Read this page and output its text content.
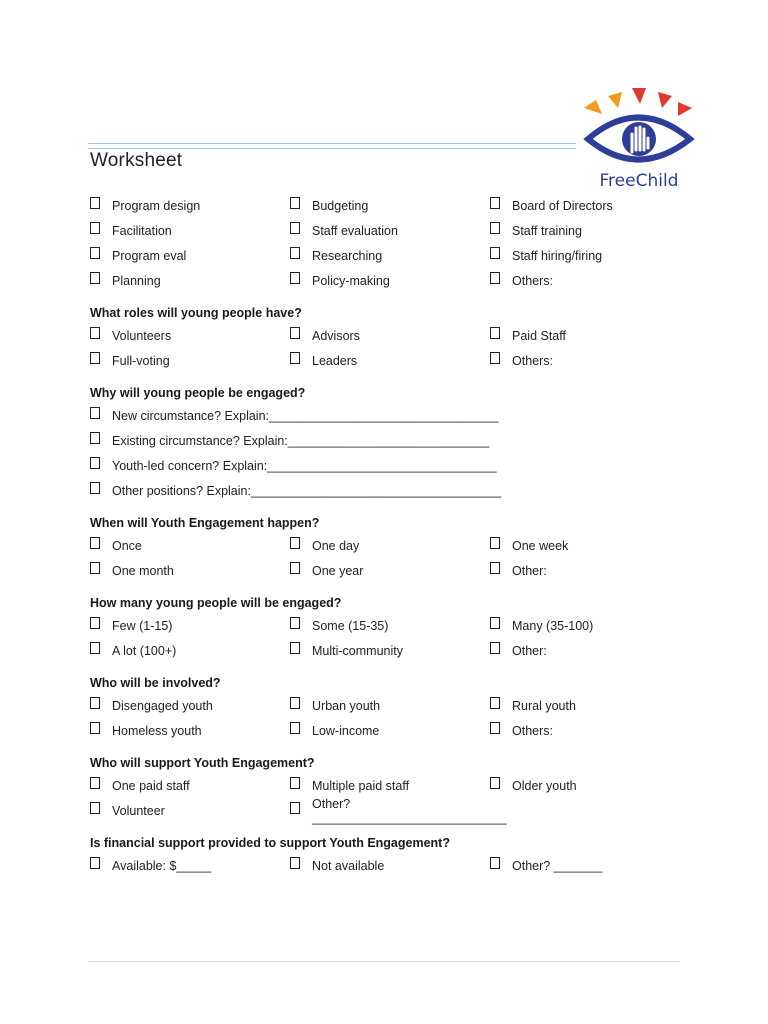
FreeChild
Worksheet
Program design	Budgeting	Board of Directors
Facilitation	Staff evaluation	Staff training
Program eval	Researching	Staff hiring/firing
Planning	Policy-making	Others:
What roles will young people have?
Volunteers	Advisors	Paid Staff
Full-voting	Leaders	Others:
Why will young people be engaged?
New circumstance? Explain:_________________________________
Existing circumstance? Explain:_____________________________
Youth-led concern? Explain:_________________________________
Other positions? Explain:____________________________________
When will Youth Engagement happen?
Once	One day	One week
One month	One year	Other:
How many young people will be engaged?
Few (1-15)	Some (15-35)	Many (35-100)
A lot (100+)	Multi-community	Other:
Who will be involved?
Disengaged youth	Urban youth	Rural youth
Homeless youth	Low-income	Others:
Who will support Youth Engagement?
One paid staff	Multiple paid staff	Older youth
Volunteer	Other? ____________________________
Is financial support provided to support Youth Engagement?
Available: $_____	Not available	Other? _______
